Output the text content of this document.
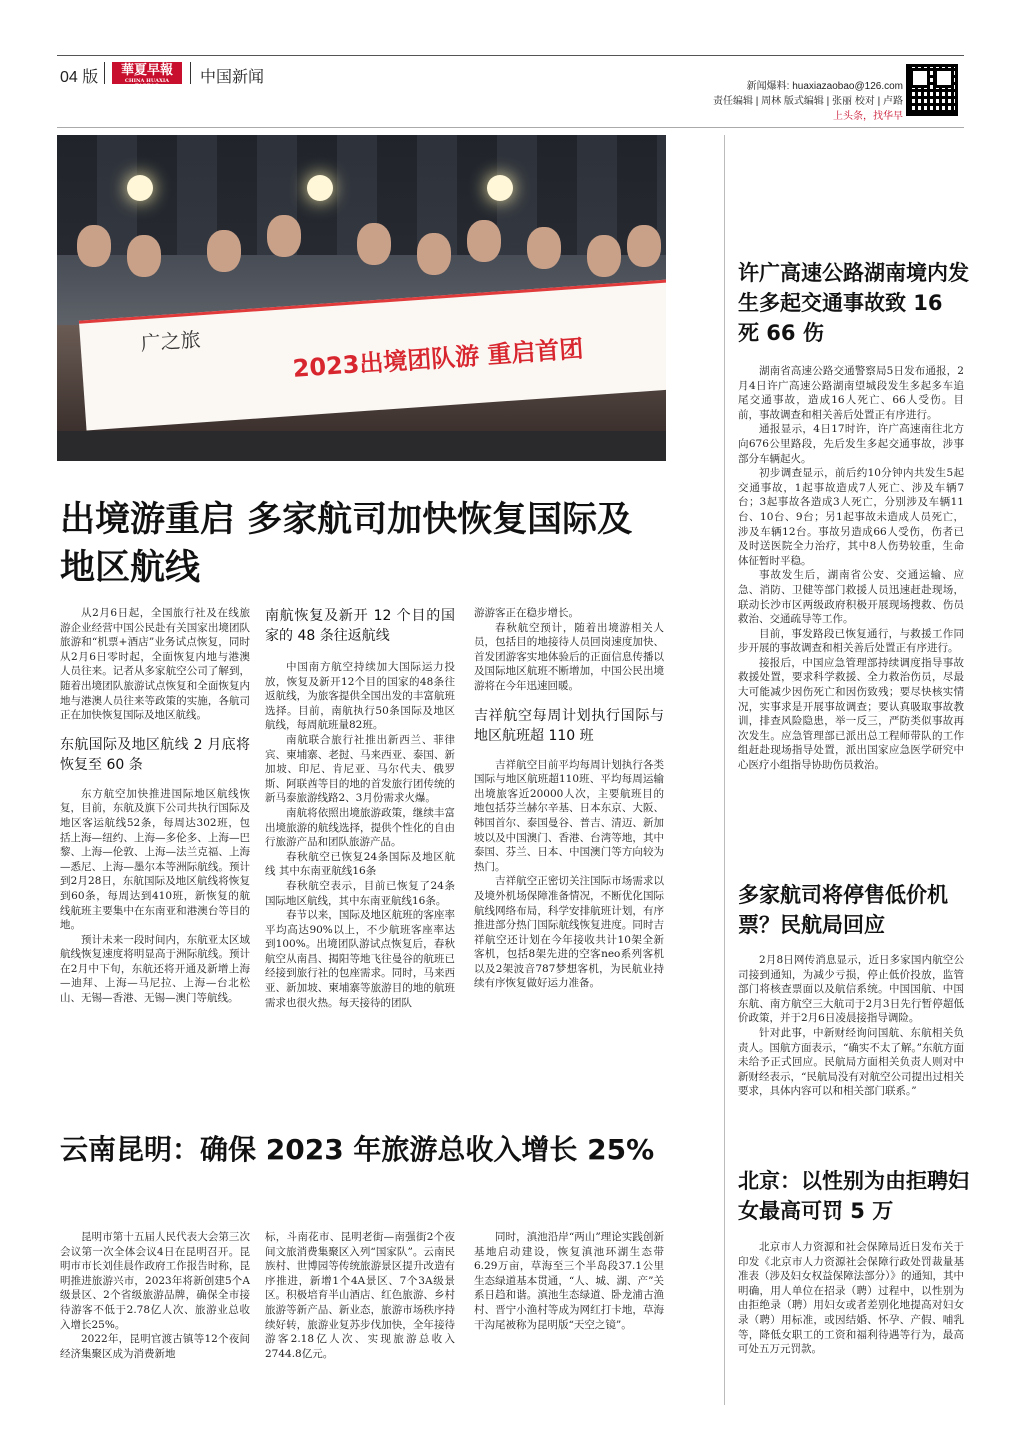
04 版	華夏早報
CHINA HUAXIA ZAOBAO	中国新闻
新闻爆料: huaxiazaobao@126.com
责任编辑 | 周林 版式编辑 | 张丽 校对 | 卢路
上头条，找华早
广之旅	2023出境团队游 重启首团
出境游重启 多家航司加快恢复国际及地区航线

从2月6日起，全国旅行社及在线旅游企业经营中国公民赴有关国家出境团队旅游和“机票+酒店”业务试点恢复，同时从2月6日零时起，全面恢复内地与港澳人员往来。记者从多家航空公司了解到，随着出境团队旅游试点恢复和全面恢复内地与港澳人员往来等政策的实施，各航司正在加快恢复国际及地区航线。

东航国际及地区航线 2 月底将恢复至 60 条

东方航空加快推进国际地区航线恢复，目前，东航及旗下公司共执行国际及地区客运航线52条，每周达302班，包括上海—纽约、上海—多伦多、上海—巴黎、上海—伦敦、上海—法兰克福、上海—悉尼、上海—墨尔本等洲际航线。预计到2月28日，东航国际及地区航线将恢复到60条，每周达到410班，新恢复的航线航班主要集中在东南亚和港澳台等目的地。

预计未来一段时间内，东航亚太区域航线恢复速度将明显高于洲际航线。预计在2月中下旬，东航还将开通及新增上海—迪拜、上海—马尼拉、上海—台北松山、无锡—香港、无锡—澳门等航线。

南航恢复及新开 12 个目的国家的 48 条往返航线

中国南方航空持续加大国际运力投放，恢复及新开12个目的国家的48条往返航线，为旅客提供全国出发的丰富航班选择。目前，南航执行50条国际及地区航线，每周航班量82班。

南航联合旅行社推出新西兰、菲律宾、柬埔寨、老挝、马来西亚、泰国、新加坡、印尼、肯尼亚、马尔代夫、俄罗斯、阿联酋等目的地的首发旅行团传统的新马泰旅游线路2、3月份需求火爆。

南航将依照出境旅游政策，继续丰富出境旅游的航线选择，提供个性化的自由行旅游产品和团队旅游产品。

春秋航空已恢复24条国际及地区航线 其中东南亚航线16条

春秋航空表示，目前已恢复了24条国际地区航线，其中东南亚航线16条。

春节以来，国际及地区航班的客座率平均高达90%以上，不少航班客座率达到100%。出境团队游试点恢复后，春秋航空从南昌、揭阳等地飞往曼谷的航班已经接到旅行社的包座需求。同时，马来西亚、新加坡、柬埔寨等旅游目的地的航班需求也很火热。每天接待的团队

游游客正在稳步增长。

春秋航空预计，随着出境游相关人员，包括目的地接待人员回岗速度加快、首发团游客实地体验后的正面信息传播以及国际地区航班不断增加，中国公民出境游将在今年迅速回暖。

吉祥航空每周计划执行国际与地区航班超 110 班

吉祥航空目前平均每周计划执行各类国际与地区航班超110班、平均每周运输出境旅客近20000人次，主要航班目的地包括芬兰赫尔辛基、日本东京、大阪、韩国首尔、泰国曼谷、普吉、清迈、新加坡以及中国澳门、香港、台湾等地，其中泰国、芬兰、日本、中国澳门等方向较为热门。

吉祥航空正密切关注国际市场需求以及境外机场保障准备情况，不断优化国际航线网络布局，科学安排航班计划，有序推进部分热门国际航线恢复进度。同时吉祥航空还计划在今年接收共计10架全新客机，包括8架先进的空客neo系列客机以及2架波音787梦想客机，为民航业持续有序恢复做好运力准备。

云南昆明：确保 2023 年旅游总收入增长 25%

昆明市第十五届人民代表大会第三次会议第一次全体会议4日在昆明召开。昆明市市长刘佳晨作政府工作报告时称，昆明推进旅游兴市，2023年将新创建5个A级景区、2个省级旅游品牌，确保全市接待游客不低于2.78亿人次、旅游业总收入增长25%。

2022年，昆明官渡古镇等12个夜间经济集聚区成为消费新地

标，斗南花市、昆明老街—南强街2个夜间文旅消费集聚区入列“国家队”。云南民族村、世博园等传统旅游景区提升改造有序推进，新增1个4A景区、7个3A级景区。积极培育半山酒店、红色旅游、乡村旅游等新产品、新业态，旅游市场秩序持续好转，旅游业复苏步伐加快，全年接待游客2.18亿人次、实现旅游总收入2744.8亿元。

同时，滇池沿岸“两山”理论实践创新基地启动建设，恢复滇池环湖生态带6.29万亩，草海至三个半岛段37.1公里生态绿道基本贯通，“人、城、湖、产”关系日趋和谐。滇池生态绿道、卧龙浦古渔村、晋宁小渔村等成为网红打卡地，草海干沟尾被称为昆明版“天空之镜”。

许广高速公路湖南境内发生多起交通事故致 16 死 66 伤

湖南省高速公路交通警察局5日发布通报，2月4日许广高速公路湖南望城段发生多起多车追尾交通事故，造成16人死亡、66人受伤。目前，事故调查和相关善后处置正有序进行。

通报显示，4日17时许，许广高速南往北方向676公里路段，先后发生多起交通事故，涉事部分车辆起火。

初步调查显示，前后约10分钟内共发生5起交通事故，1起事故造成7人死亡、涉及车辆7台；3起事故各造成3人死亡，分别涉及车辆11台、10台、9台；另1起事故未造成人员死亡，涉及车辆12台。事故另造成66人受伤，伤者已及时送医院全力治疗，其中8人伤势较重，生命体征暂时平稳。

事故发生后，湖南省公安、交通运输、应急、消防、卫健等部门救援人员迅速赶赴现场，联动长沙市区两级政府积极开展现场搜救、伤员救治、交通疏导等工作。

目前，事发路段已恢复通行，与救援工作同步开展的事故调查和相关善后处置正有序进行。

接报后，中国应急管理部持续调度指导事故救援处置，要求科学救援、全力救治伤员，尽最大可能减少因伤死亡和因伤致残；要尽快核实情况，实事求是开展事故调查；要认真吸取事故教训，排查风险隐患，举一反三，严防类似事故再次发生。应急管理部已派出总工程师带队的工作组赶赴现场指导处置，派出国家应急医学研究中心医疗小组指导协助伤员救治。

多家航司将停售低价机票？民航局回应

2月8日网传消息显示，近日多家国内航空公司接到通知，为减少亏损，停止低价投放，监管部门将核查票面以及航信系统。中国国航、中国东航、南方航空三大航司于2月3日先行暂停超低价政策，并于2月6日凌晨接指导调险。

针对此事，中新财经询问国航、东航相关负责人。国航方面表示，“确实不太了解。”东航方面未给予正式回应。民航局方面相关负责人则对中新财经表示，“民航局没有对航空公司提出过相关要求，具体内容可以和相关部门联系。”

北京：以性别为由拒聘妇女最高可罚 5 万

北京市人力资源和社会保障局近日发布关于印发《北京市人力资源社会保障行政处罚裁量基准表（涉及妇女权益保障法部分）》的通知，其中明确，用人单位在招录（聘）过程中，以性别为由拒绝录（聘）用妇女或者差别化地提高对妇女录（聘）用标准，或因结婚、怀孕、产假、哺乳等，降低女职工的工资和福利待遇等行为，最高可处五万元罚款。
